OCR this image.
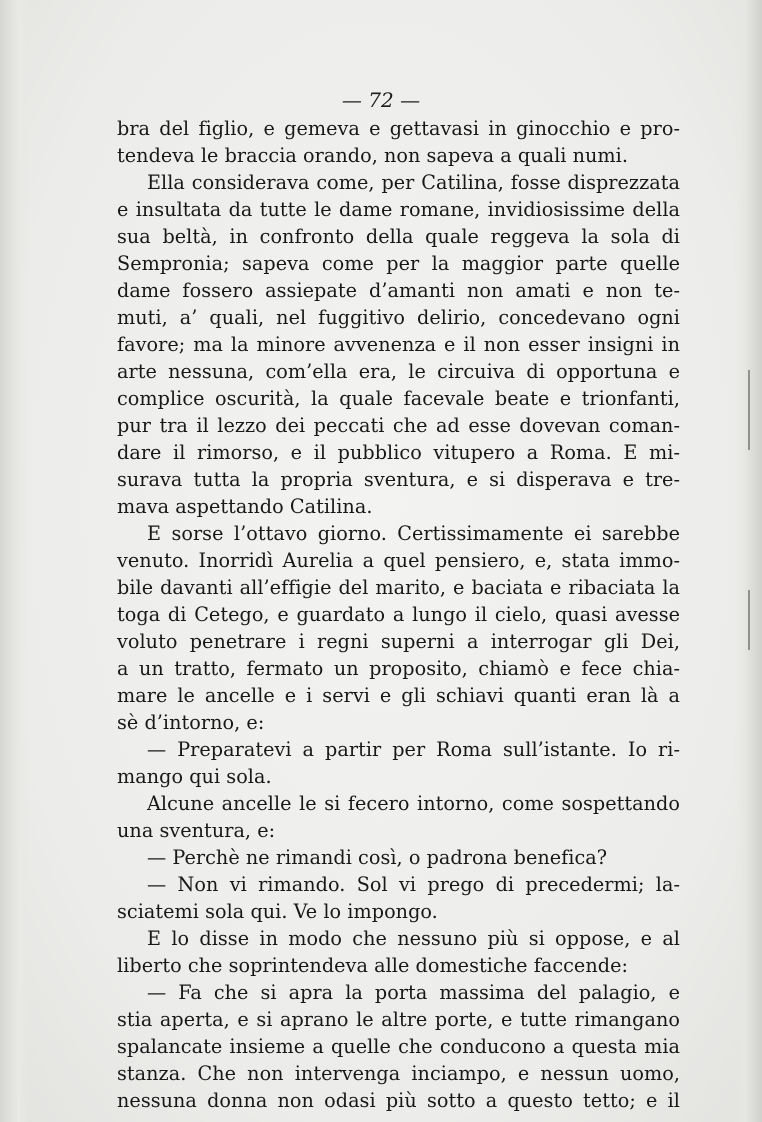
— 72 —
bra del figlio, e gemeva e gettavasi in ginocchio e pro-
tendeva le braccia orando, non sapeva a quali numi.
Ella considerava come, per Catilina, fosse disprezzata
e insultata da tutte le dame romane, invidiosissime della
sua beltà, in confronto della quale reggeva la sola di
Sempronia; sapeva come per la maggior parte quelle
dame fossero assiepate d’amanti non amati e non te-
muti, a’ quali, nel fuggitivo delirio, concedevano ogni
favore; ma la minore avvenenza e il non esser insigni in
arte nessuna, com’ella era, le circuiva di opportuna e
complice oscurità, la quale facevale beate e trionfanti,
pur tra il lezzo dei peccati che ad esse dovevan coman-
dare il rimorso, e il pubblico vitupero a Roma. E mi-
surava tutta la propria sventura, e si disperava e tre-
mava aspettando Catilina.
E sorse l’ottavo giorno. Certissimamente ei sarebbe
venuto. Inorridì Aurelia a quel pensiero, e, stata immo-
bile davanti all’effigie del marito, e baciata e ribaciata la
toga di Cetego, e guardato a lungo il cielo, quasi avesse
voluto penetrare i regni superni a interrogar gli Dei,
a un tratto, fermato un proposito, chiamò e fece chia-
mare le ancelle e i servi e gli schiavi quanti eran là a
sè d’intorno, e:
— Preparatevi a partir per Roma sull’istante. Io ri-
mango qui sola.
Alcune ancelle le si fecero intorno, come sospettando
una sventura, e:
— Perchè ne rimandi così, o padrona benefica?
— Non vi rimando. Sol vi prego di precedermi; la-
sciatemi sola qui. Ve lo impongo.
E lo disse in modo che nessuno più si oppose, e al
liberto che soprintendeva alle domestiche faccende:
— Fa che si apra la porta massima del palagio, e
stia aperta, e si aprano le altre porte, e tutte rimangano
spalancate insieme a quelle che conducono a questa mia
stanza. Che non intervenga inciampo, e nessun uomo,
nessuna donna non odasi più sotto a questo tetto; e il
